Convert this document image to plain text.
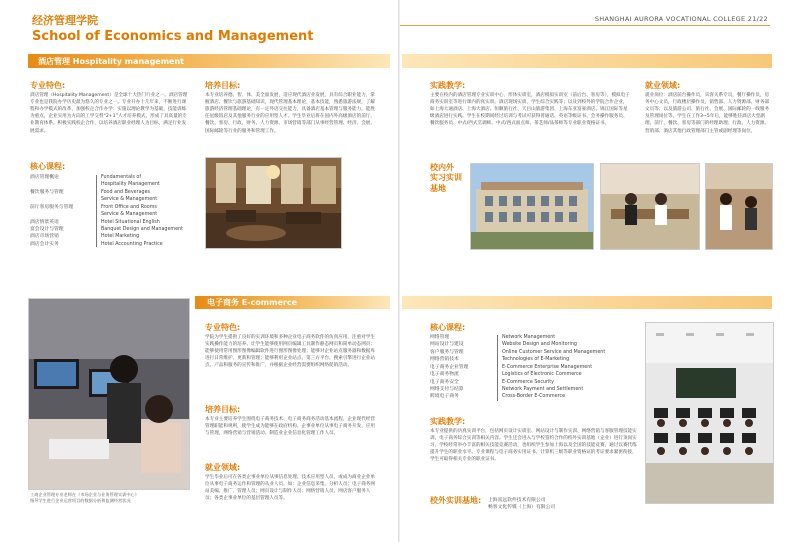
经济管理学院
School of Economics and Management
SHANGHAI AURORA VOCATIONAL COLLEGE 21/22
酒店管理 Hospitality management
专业特色:
酒店管理（Hospitality Management）是全球十大热门行业之一。酒店管理专业也是我院办学历史最为悠久的专业之一。专业开办十几年来，不断进行课程和办学模式的改革，加强校企合作办学：实施以理论教学为基础，技能训练为重点，企业实用为方向的工学交替“2+1”人才培养模式，形成了具高量的专业教育体系。积极实践校企合作，以培养酒店职业经理人为目标，满足行业发展需求。
核心课程:
酒店管理概论

餐饮服务与管理

前厅客房服务与管理

酒店情景英语
宴会设计与管理
酒店市场营销
酒店会计实务
Fundamentals of
Hospitality Management
Food and Beverages
Service & Management
Front Office and Rooms
Service & Management
Hotel Situational English
Banquet Design and Management
Hotel Marketing
Hotel Accounting Practice
培养目标:
本专业培养德、智、体、美全面发展，适应现代酒店业发展，具有综合职业能力，掌握酒店、餐饮与旅游基础知识，现代管理基本理论，基本技能，熟悉旅游法规，了解旅游经济管理基础理论，有一定外语交往能力，具备酒店基本管理与服务能力，能胜任星级饭店及其他服务行业的应用型人才。学生毕业后将在国内外高级酒店的前厅、餐饮、客房、行政、财务、人力资源、市场营销等部门从事经营管理、经济、会展、国际邮轮等行业的服务和管理工作。
实践教学:
主要在校内的酒店管理专业实训中心，形体实训室，酒店模拟实训室（前后台、客房等），模拟电子商务实训室等进行课内的真实训。酒店现场实训，学生综合实践等；以及到校外的学院合作企业，如上海大通酒店、上海大酒店、恒顺旅行社、天目山旅游集团、上海东亚富豪酒店、锦江国际等星级酒店进行实践。学生在校期间经过培训与考试可获得普通话、英语等级证书、会务操作服务员、餐饮服务员、中式/西式烹调师、中式/西式面点师、茶艺师/品茶师等专业职业资格证书。
校内外
实习实训
基地
就业领域:
就业岗位：酒店前台操作员，宾客关系专员，餐厅操作员，房务中心文员，行政楼层操作员，销售部、人力资源部、财务部文员等；以及旅游公司、旅行社、会展、国际邮轮的一线服务及管理岗位等。学生在工作3~5年后，能够胜任酒店大堂副理、前厅、餐饮、客房等部门的经理助理；行政、人力资源、营销部、酒店其他行政管理部门主管或副经理等岗位。
电子商务 E-commerce
工商企业管理专业老师在《市场企业与业务管理实训中心》
指导学生进行企业运营项目的数据分析和监测经营状况
专业特色:
学院为学生提供了良好的实训环境和多种企业电子商务软件的仿真应用，注重对学生实践操作能力的培养。让学生能够使用网页编辑工具制作静态网页和简单动态网页；能够使用常用图形图像编辑软件进行图形图像处理；能够对企业站点服务器和数据库进行日常维护、更新和管理；能够利用企业站点、第三方平台、搜索引擎进行企业站点、产品和服务的宣传和推广，并根据企业经营需要组织网络促销活动。
培养目标:
本专业主要培养学生围绕电子商务技术、电子商务商务活动基本流程，企业现代经营管理职能和规则，使学生成为能够在政府机构、企事业单位从事电子商务开发、应用与管理，网络营销与营销活动、制造业企业信息化管理工作人员。
就业领域:
学生毕业后可在各类企事业单位从事信息处理、技术应用型人员，或成为商业企业单位从事电子商务运作和管理的从业人员。如：企业信息采集、分析人员；电子商务网站美编、推广、管理人员；网页设计与制作人员；网络营销人员、网店客户服务人员；各类企事业单位的基层管理人员等。
核心课程:
网络管理
网站设计与建设
客户服务与管理
网络营销技术
电子商务企业管理
电子商务物流
电子商务安全
网络支付与结算
跨境电子商务
Network Management
Website Design and Monitoring
Online Customer Service and Management
Technologies of E-Marketing
E-Commerce Enterprise Management
Logistics of Electronic Commerce
E-Commerce Security
Network Payment and Settlement
Cross-Border E-Commerce
实践教学:
本专业提供的仿真实训平台，包括网页设计实训室、网站设计与制作实训、网络营销与客服管理技能实训、电子商务综合实训等相关内容。学生还会进入与学校签约合作的校外实训基地（企业）进行顶岗实习，学校经常举办丰富的相关技能竞赛活动，也组织学生参加上海以及全国的技能竞赛，通过以赛代练提升学生的职业水平。专业课程与电子商务实用证书、计算机三级等职业资格证的考证要求紧密衔接，学生可取得相关专业的职业证书。
校外实训基地: 上海富远软件技术有限公司
畅客文化传媒（上海）有限公司
